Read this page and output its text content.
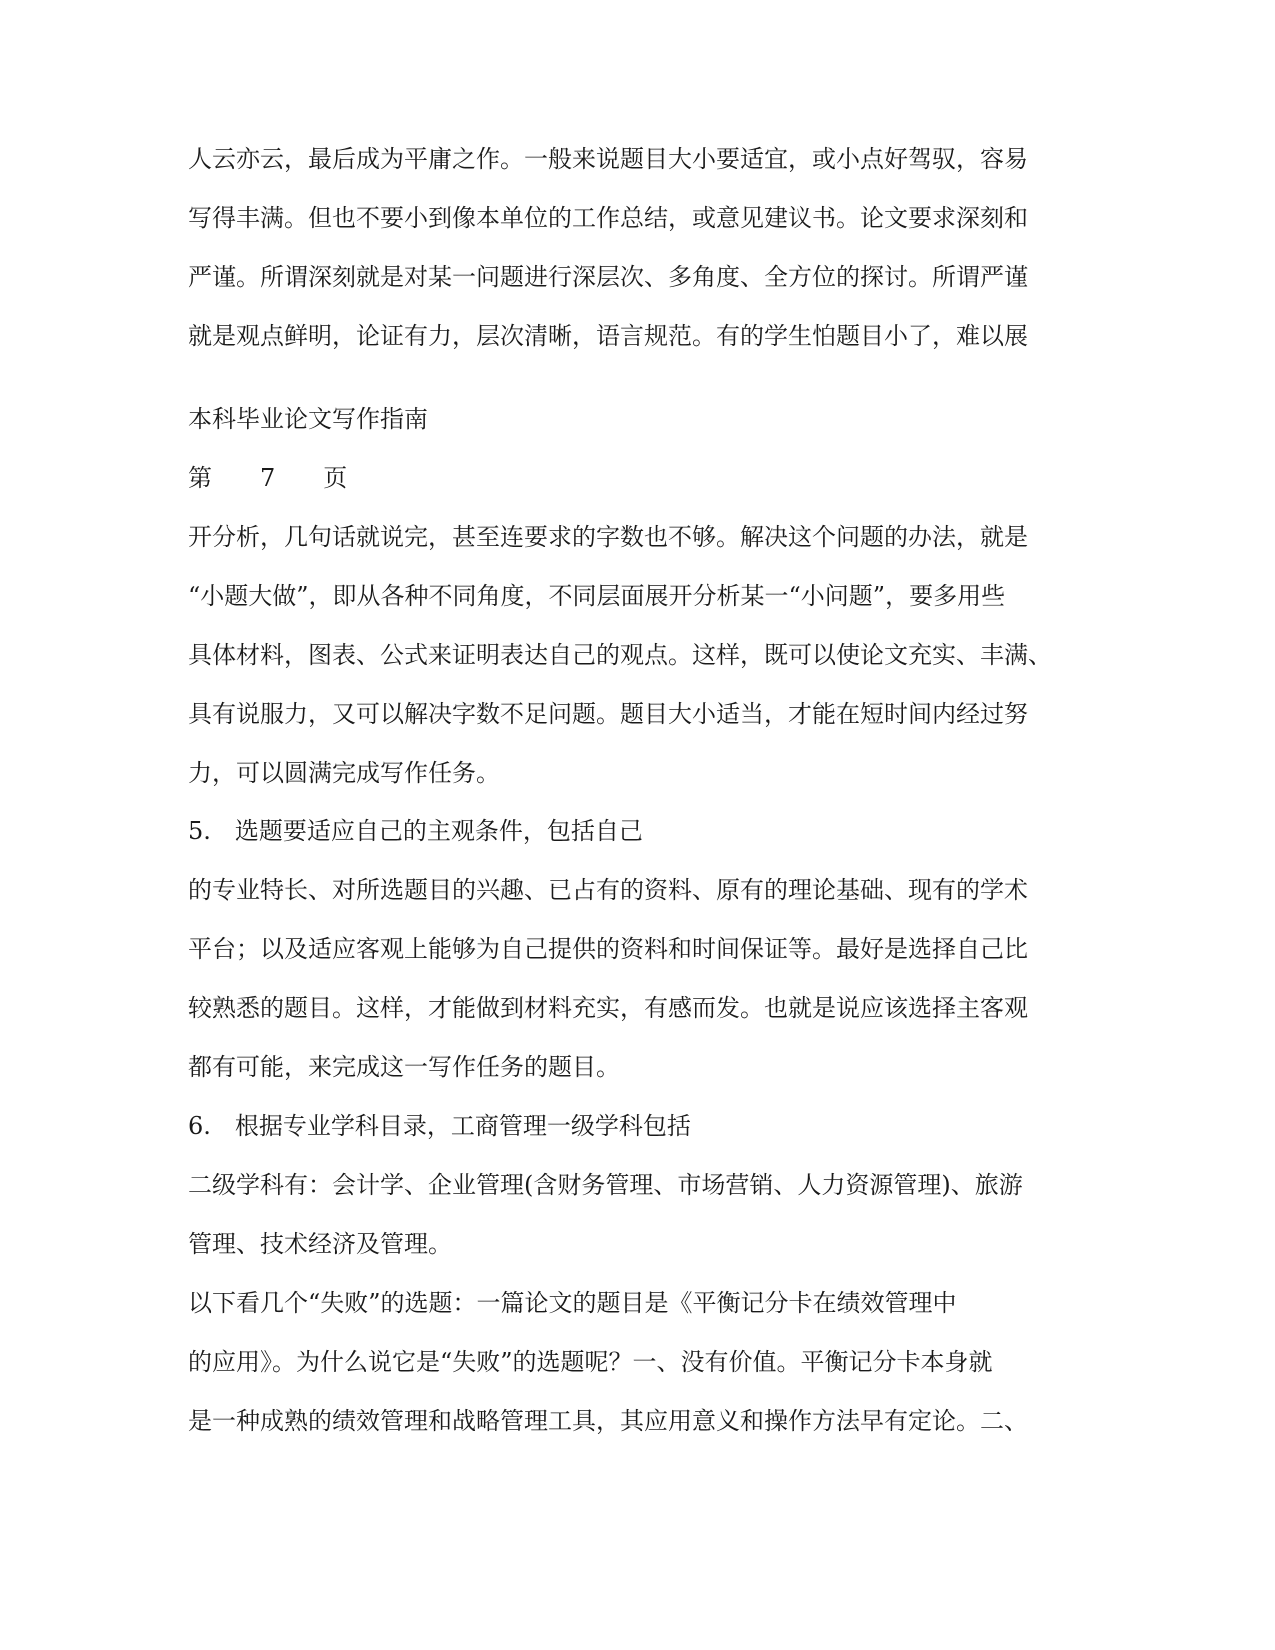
人云亦云，最后成为平庸之作。一般来说题目大小要适宜，或小点好驾驭，容易
写得丰满。但也不要小到像本单位的工作总结，或意见建议书。论文要求深刻和
严谨。所谓深刻就是对某一问题进行深层次、多角度、全方位的探讨。所谓严谨
就是观点鲜明，论证有力，层次清晰，语言规范。有的学生怕题目小了，难以展
本科毕业论文写作指南
第　　7　　页
开分析，几句话就说完，甚至连要求的字数也不够。解决这个问题的办法，就是
“小题大做”，即从各种不同角度，不同层面展开分析某一“小问题”，要多用些
具体材料，图表、公式来证明表达自己的观点。这样，既可以使论文充实、丰满、
具有说服力，又可以解决字数不足问题。题目大小适当，才能在短时间内经过努
力，可以圆满完成写作任务。
5.　选题要适应自己的主观条件，包括自己
的专业特长、对所选题目的兴趣、已占有的资料、原有的理论基础、现有的学术
平台；以及适应客观上能够为自己提供的资料和时间保证等。最好是选择自己比
较熟悉的题目。这样，才能做到材料充实，有感而发。也就是说应该选择主客观
都有可能，来完成这一写作任务的题目。
6.　根据专业学科目录，工商管理一级学科包括
二级学科有：会计学、企业管理(含财务管理、市场营销、人力资源管理)、旅游
管理、技术经济及管理。
以下看几个“失败”的选题：一篇论文的题目是《平衡记分卡在绩效管理中
的应用》。为什么说它是“失败”的选题呢？一、没有价值。平衡记分卡本身就
是一种成熟的绩效管理和战略管理工具，其应用意义和操作方法早有定论。二、
